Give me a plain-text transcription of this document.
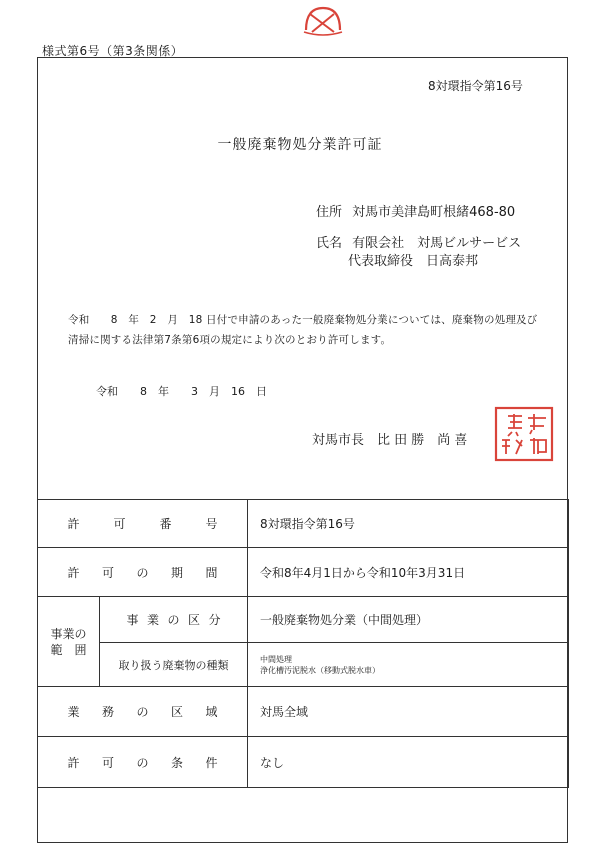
様式第6号（第3条関係）
8対環指令第16号
一般廃棄物処分業許可証
住所 対馬市美津島町根緒468-80
氏名 有限会社　対馬ビルサービス
代表取締役　日高泰邦
令和　　8　年　2　月　18 日付で申請のあった一般廃棄物処分業については、廃棄物の処理及び清掃に関する法律第7条第6項の規定により次のとおり許可します。
令和　　8　年　　3　月　16　日
対馬市長　比 田 勝　尚 喜
許可番号		8対環指令第16号

許可の期間		令和8年4月1日から令和10年3月31日

事業の
範　囲	事業の区分	一般廃棄物処分業（中間処理）
	取り扱う廃棄物の種類	中間処理
浄化槽汚泥脱水（移動式脱水車）

業務の区域		対馬全域

許可の条件		なし
